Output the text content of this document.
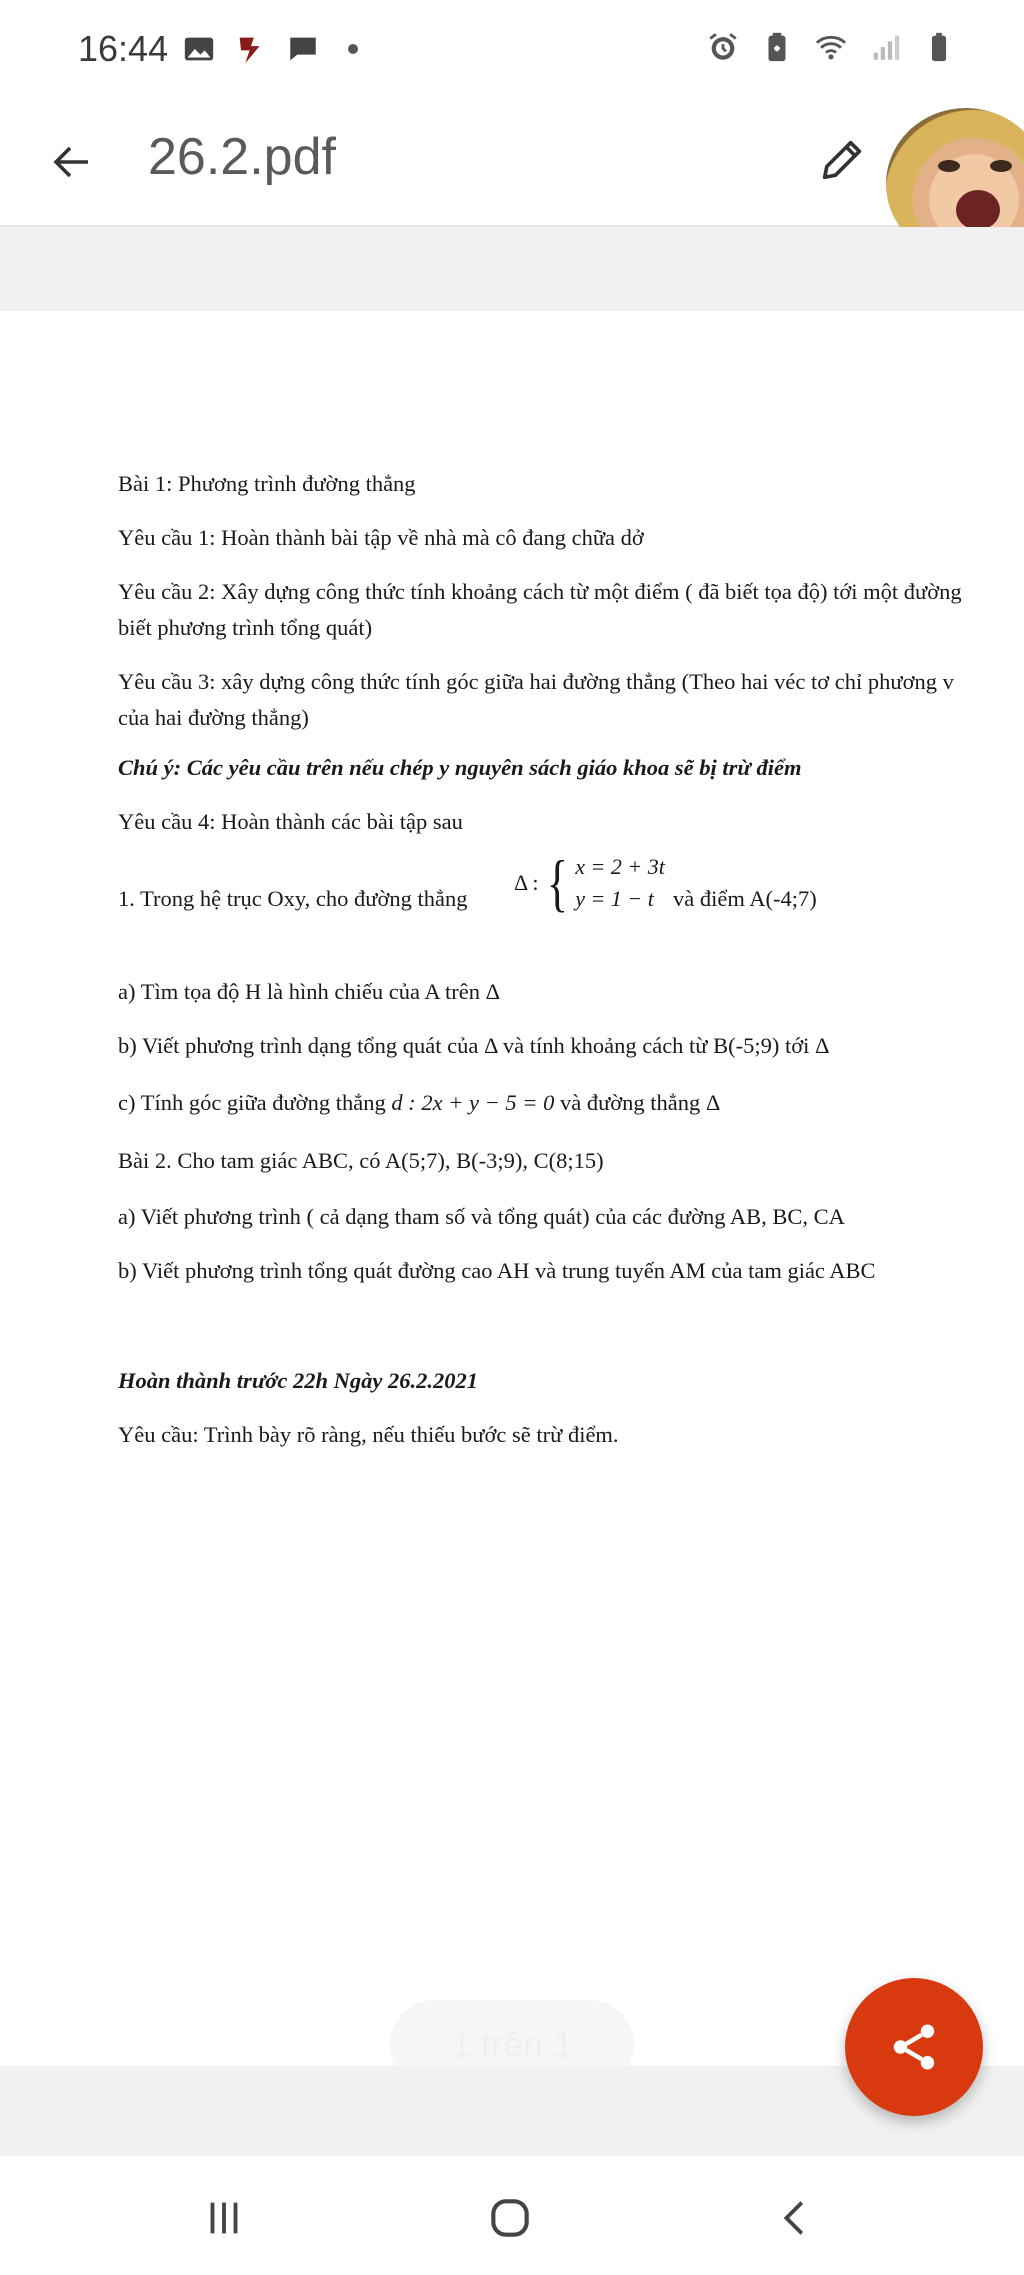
16:44
26.2.pdf
Bài 1: Phương trình đường thẳng
Yêu cầu 1: Hoàn thành bài tập về nhà mà cô đang chữa dở
Yêu cầu 2: Xây dựng công thức tính khoảng cách từ một điểm ( đã biết tọa độ) tới một đường
biết phương trình tổng quát)
Yêu cầu 3: xây dựng công thức tính góc giữa hai đường thẳng (Theo hai véc tơ chỉ phương v
của hai đường thẳng)
Chú ý: Các yêu cầu trên nếu chép y nguyên sách giáo khoa sẽ bị trừ điểm
Yêu cầu 4: Hoàn thành các bài tập sau
1. Trong hệ trục Oxy, cho đường thẳng
Δ : { x = 2 + 3t
y = 1 − t và điểm A(-4;7)
a) Tìm tọa độ H là hình chiếu của A trên Δ
b) Viết phương trình dạng tổng quát của Δ và tính khoảng cách từ B(-5;9) tới Δ
c) Tính góc giữa đường thẳng d : 2x + y − 5 = 0 và đường thẳng Δ
Bài 2. Cho tam giác ABC, có A(5;7), B(-3;9), C(8;15)
a) Viết phương trình ( cả dạng tham số và tổng quát) của các đường AB, BC, CA
b) Viết phương trình tổng quát đường cao AH và trung tuyến AM của tam giác ABC
Hoàn thành trước 22h Ngày 26.2.2021
Yêu cầu: Trình bày rõ ràng, nếu thiếu bước sẽ trừ điểm.
1 trên 1
